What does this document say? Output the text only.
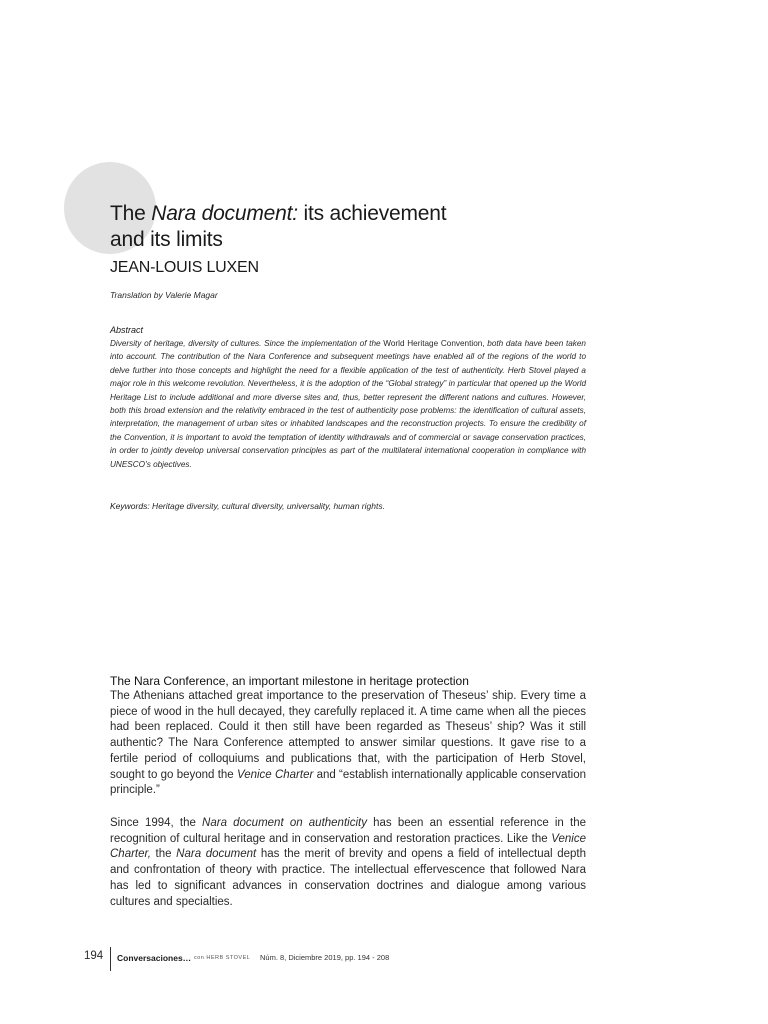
The Nara document: its achievement
and its limits
JEAN-LOUIS LUXEN
Translation by Valerie Magar
Abstract

Diversity of heritage, diversity of cultures. Since the implementation of the World Heritage Convention, both data have been taken into account. The contribution of the Nara Conference and subsequent meetings have enabled all of the regions of the world to delve further into those concepts and highlight the need for a flexible application of the test of authenticity. Herb Stovel played a major role in this welcome revolution. Nevertheless, it is the adoption of the “Global strategy” in particular that opened up the World Heritage List to include additional and more diverse sites and, thus, better represent the different nations and cultures. However, both this broad extension and the relativity embraced in the test of authenticity pose problems: the identification of cultural assets, interpretation, the management of urban sites or inhabited landscapes and the reconstruction projects. To ensure the credibility of the Convention, it is important to avoid the temptation of identity withdrawals and of commercial or savage conservation practices, in order to jointly develop universal conservation principles as part of the multilateral international cooperation in compliance with UNESCO’s objectives.

Keywords: Heritage diversity, cultural diversity, universality, human rights.
The Nara Conference, an important milestone in heritage protection

The Athenians attached great importance to the preservation of Theseus’ ship. Every time a piece of wood in the hull decayed, they carefully replaced it. A time came when all the pieces had been replaced. Could it then still have been regarded as Theseus’ ship? Was it still authentic? The Nara Conference attempted to answer similar questions. It gave rise to a fertile period of colloquiums and publications that, with the participation of Herb Stovel, sought to go beyond the Venice Charter and “establish internationally applicable conservation principle.”

Since 1994, the Nara document on authenticity has been an essential reference in the recognition of cultural heritage and in conservation and restoration practices. Like the Venice Charter, the Nara document has the merit of brevity and opens a field of intellectual depth and confrontation of theory with practice. The intellectual effervescence that followed Nara has led to significant advances in conservation doctrines and dialogue among various cultures and specialties.

194 Conversaciones… con HERB STOVEL Núm. 8, Diciembre 2019, pp. 194 - 208
